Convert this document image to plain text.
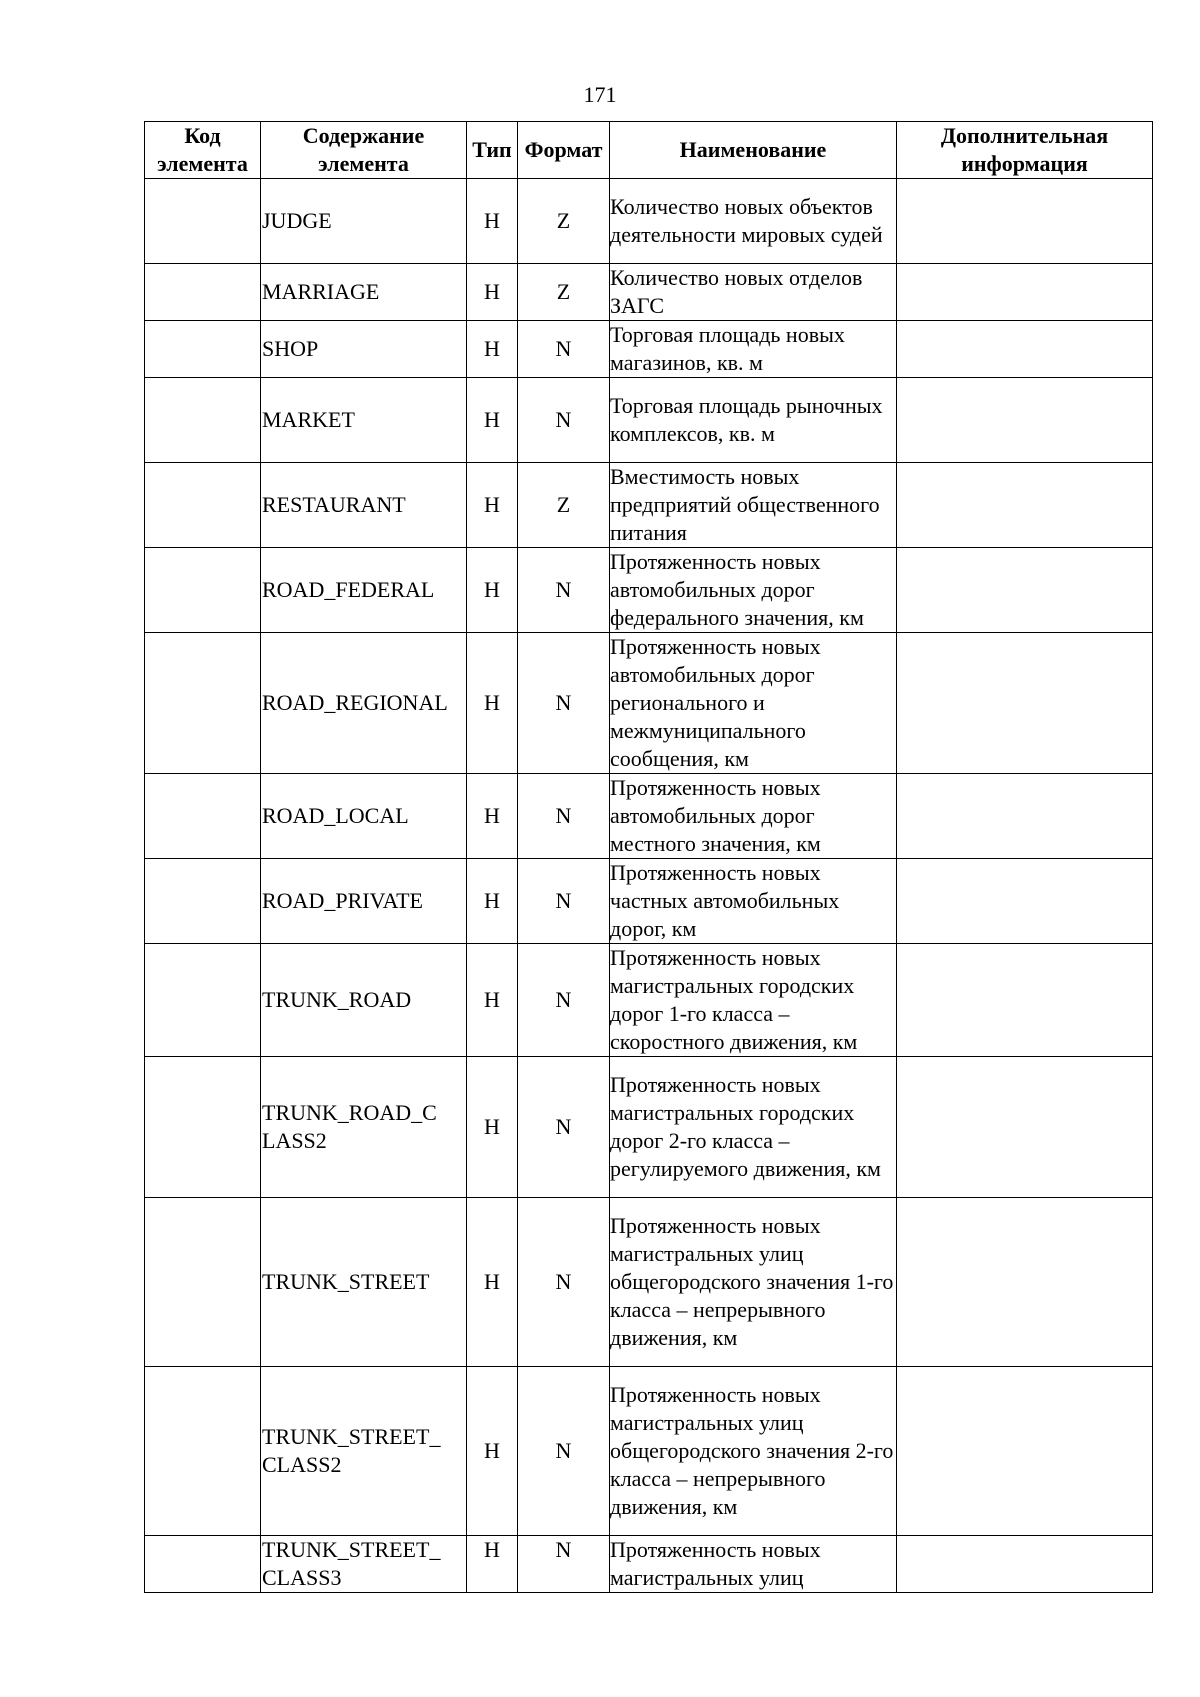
171
Код элемента	Содержание элемента	Тип	Формат	Наименование	Дополнительная информация
	JUDGE	H	Z	Количество новых объектов деятельности мировых судей	
	MARRIAGE	H	Z	Количество новых отделов ЗАГС	
	SHOP	H	N	Торговая площадь новых магазинов, кв. м	
	MARKET	H	N	Торговая площадь рыночных комплексов, кв. м	
	RESTAURANT	H	Z	Вместимость новых предприятий общественного питания	
	ROAD_FEDERAL	H	N	Протяженность новых автомобильных дорог федерального значения, км	
	ROAD_REGIONAL	H	N	Протяженность новых автомобильных дорог регионального и межмуниципального сообщения, км	
	ROAD_LOCAL	H	N	Протяженность новых автомобильных дорог местного значения, км	
	ROAD_PRIVATE	H	N	Протяженность новых частных автомобильных дорог, км	
	TRUNK_ROAD	H	N	Протяженность новых магистральных городских дорог 1-го класса – скоростного движения, км	
	TRUNK_ROAD_C LASS2	H	N	Протяженность новых магистральных городских дорог 2-го класса – регулируемого движения, км	
	TRUNK_STREET	H	N	Протяженность новых магистральных улиц общегородского значения 1-го класса – непрерывного движения, км	
	TRUNK_STREET_ CLASS2	H	N	Протяженность новых магистральных улиц общегородского значения 2-го класса – непрерывного движения, км	
	TRUNK_STREET_ CLASS3	H	N	Протяженность новых магистральных улиц	
